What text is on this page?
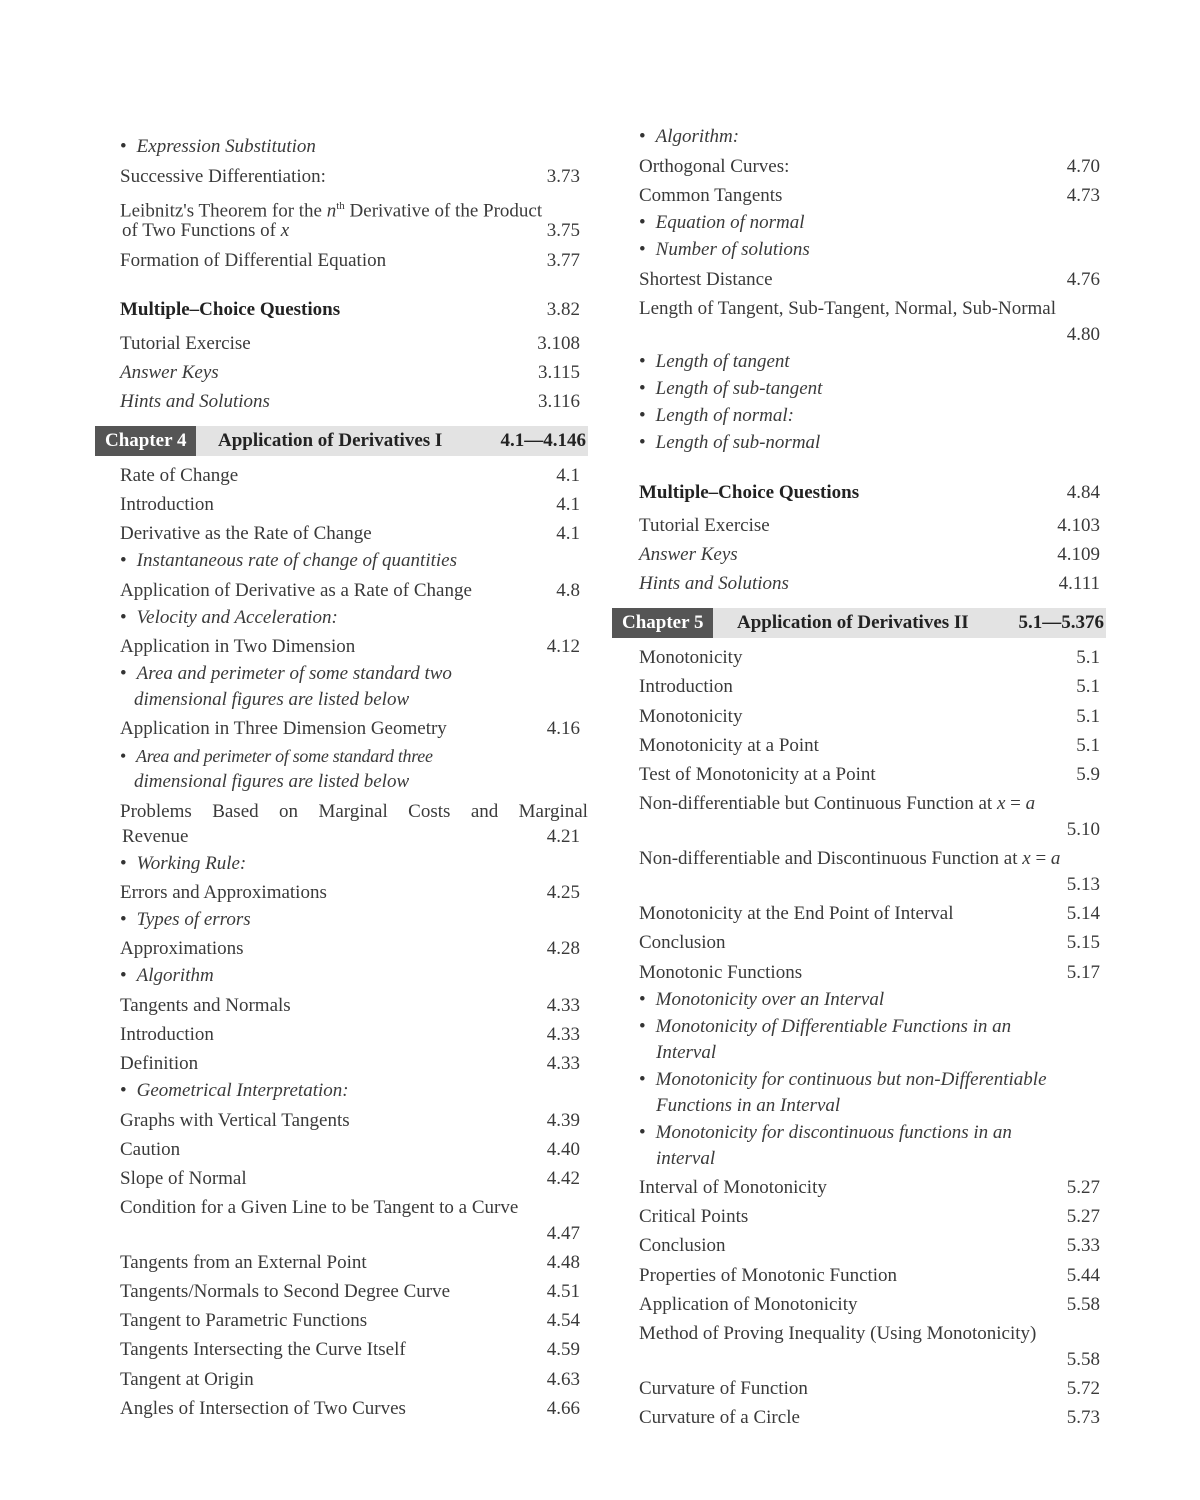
• Expression Substitution
Successive Differentiation:	3.73
Leibnitz's Theorem for the $n^{th}$ Derivative of the Product
of Two Functions of x	3.75
Formation of Differential Equation	3.77
Multiple–Choice Questions	3.82
Tutorial Exercise	3.108
Answer Keys	3.115
Hints and Solutions	3.116
Chapter 4	Application of Derivatives I	4.1—4.146
Rate of Change	4.1
Introduction	4.1
Derivative as the Rate of Change	4.1
• Instantaneous rate of change of quantities
Application of Derivative as a Rate of Change	4.8
• Velocity and Acceleration:
Application in Two Dimension	4.12
• Area and perimeter of some standard two
dimensional figures are listed below
Application in Three Dimension Geometry	4.16
• Area and perimeter of some standard three
dimensional figures are listed below
Problems Based on Marginal Costs and Marginal
Revenue	4.21
• Working Rule:
Errors and Approximations	4.25
• Types of errors
Approximations	4.28
• Algorithm
Tangents and Normals	4.33
Introduction	4.33
Definition	4.33
• Geometrical Interpretation:
Graphs with Vertical Tangents	4.39
Caution	4.40
Slope of Normal	4.42
Condition for a Given Line to be Tangent to a Curve
4.47
Tangents from an External Point	4.48
Tangents/Normals to Second Degree Curve	4.51
Tangent to Parametric Functions	4.54
Tangents Intersecting the Curve Itself	4.59
Tangent at Origin	4.63
Angles of Intersection of Two Curves	4.66
• Algorithm:
Orthogonal Curves:	4.70
Common Tangents	4.73
• Equation of normal
• Number of solutions
Shortest Distance	4.76
Length of Tangent, Sub-Tangent, Normal, Sub-Normal
4.80
• Length of tangent
• Length of sub-tangent
• Length of normal:
• Length of sub-normal
Multiple–Choice Questions	4.84
Tutorial Exercise	4.103
Answer Keys	4.109
Hints and Solutions	4.111
Chapter 5	Application of Derivatives II	5.1—5.376
Monotonicity	5.1
Introduction	5.1
Monotonicity	5.1
Monotonicity at a Point	5.1
Test of Monotonicity at a Point	5.9
Non-differentiable but Continuous Function at x = a
5.10
Non-differentiable and Discontinuous Function at x = a
5.13
Monotonicity at the End Point of Interval	5.14
Conclusion	5.15
Monotonic Functions	5.17
• Monotonicity over an Interval
• Monotonicity of Differentiable Functions in an
Interval
• Monotonicity for continuous but non-Differentiable
Functions in an Interval
• Monotonicity for discontinuous functions in an
interval
Interval of Monotonicity	5.27
Critical Points	5.27
Conclusion	5.33
Properties of Monotonic Function	5.44
Application of Monotonicity	5.58
Method of Proving Inequality (Using Monotonicity)
5.58
Curvature of Function	5.72
Curvature of a Circle	5.73
